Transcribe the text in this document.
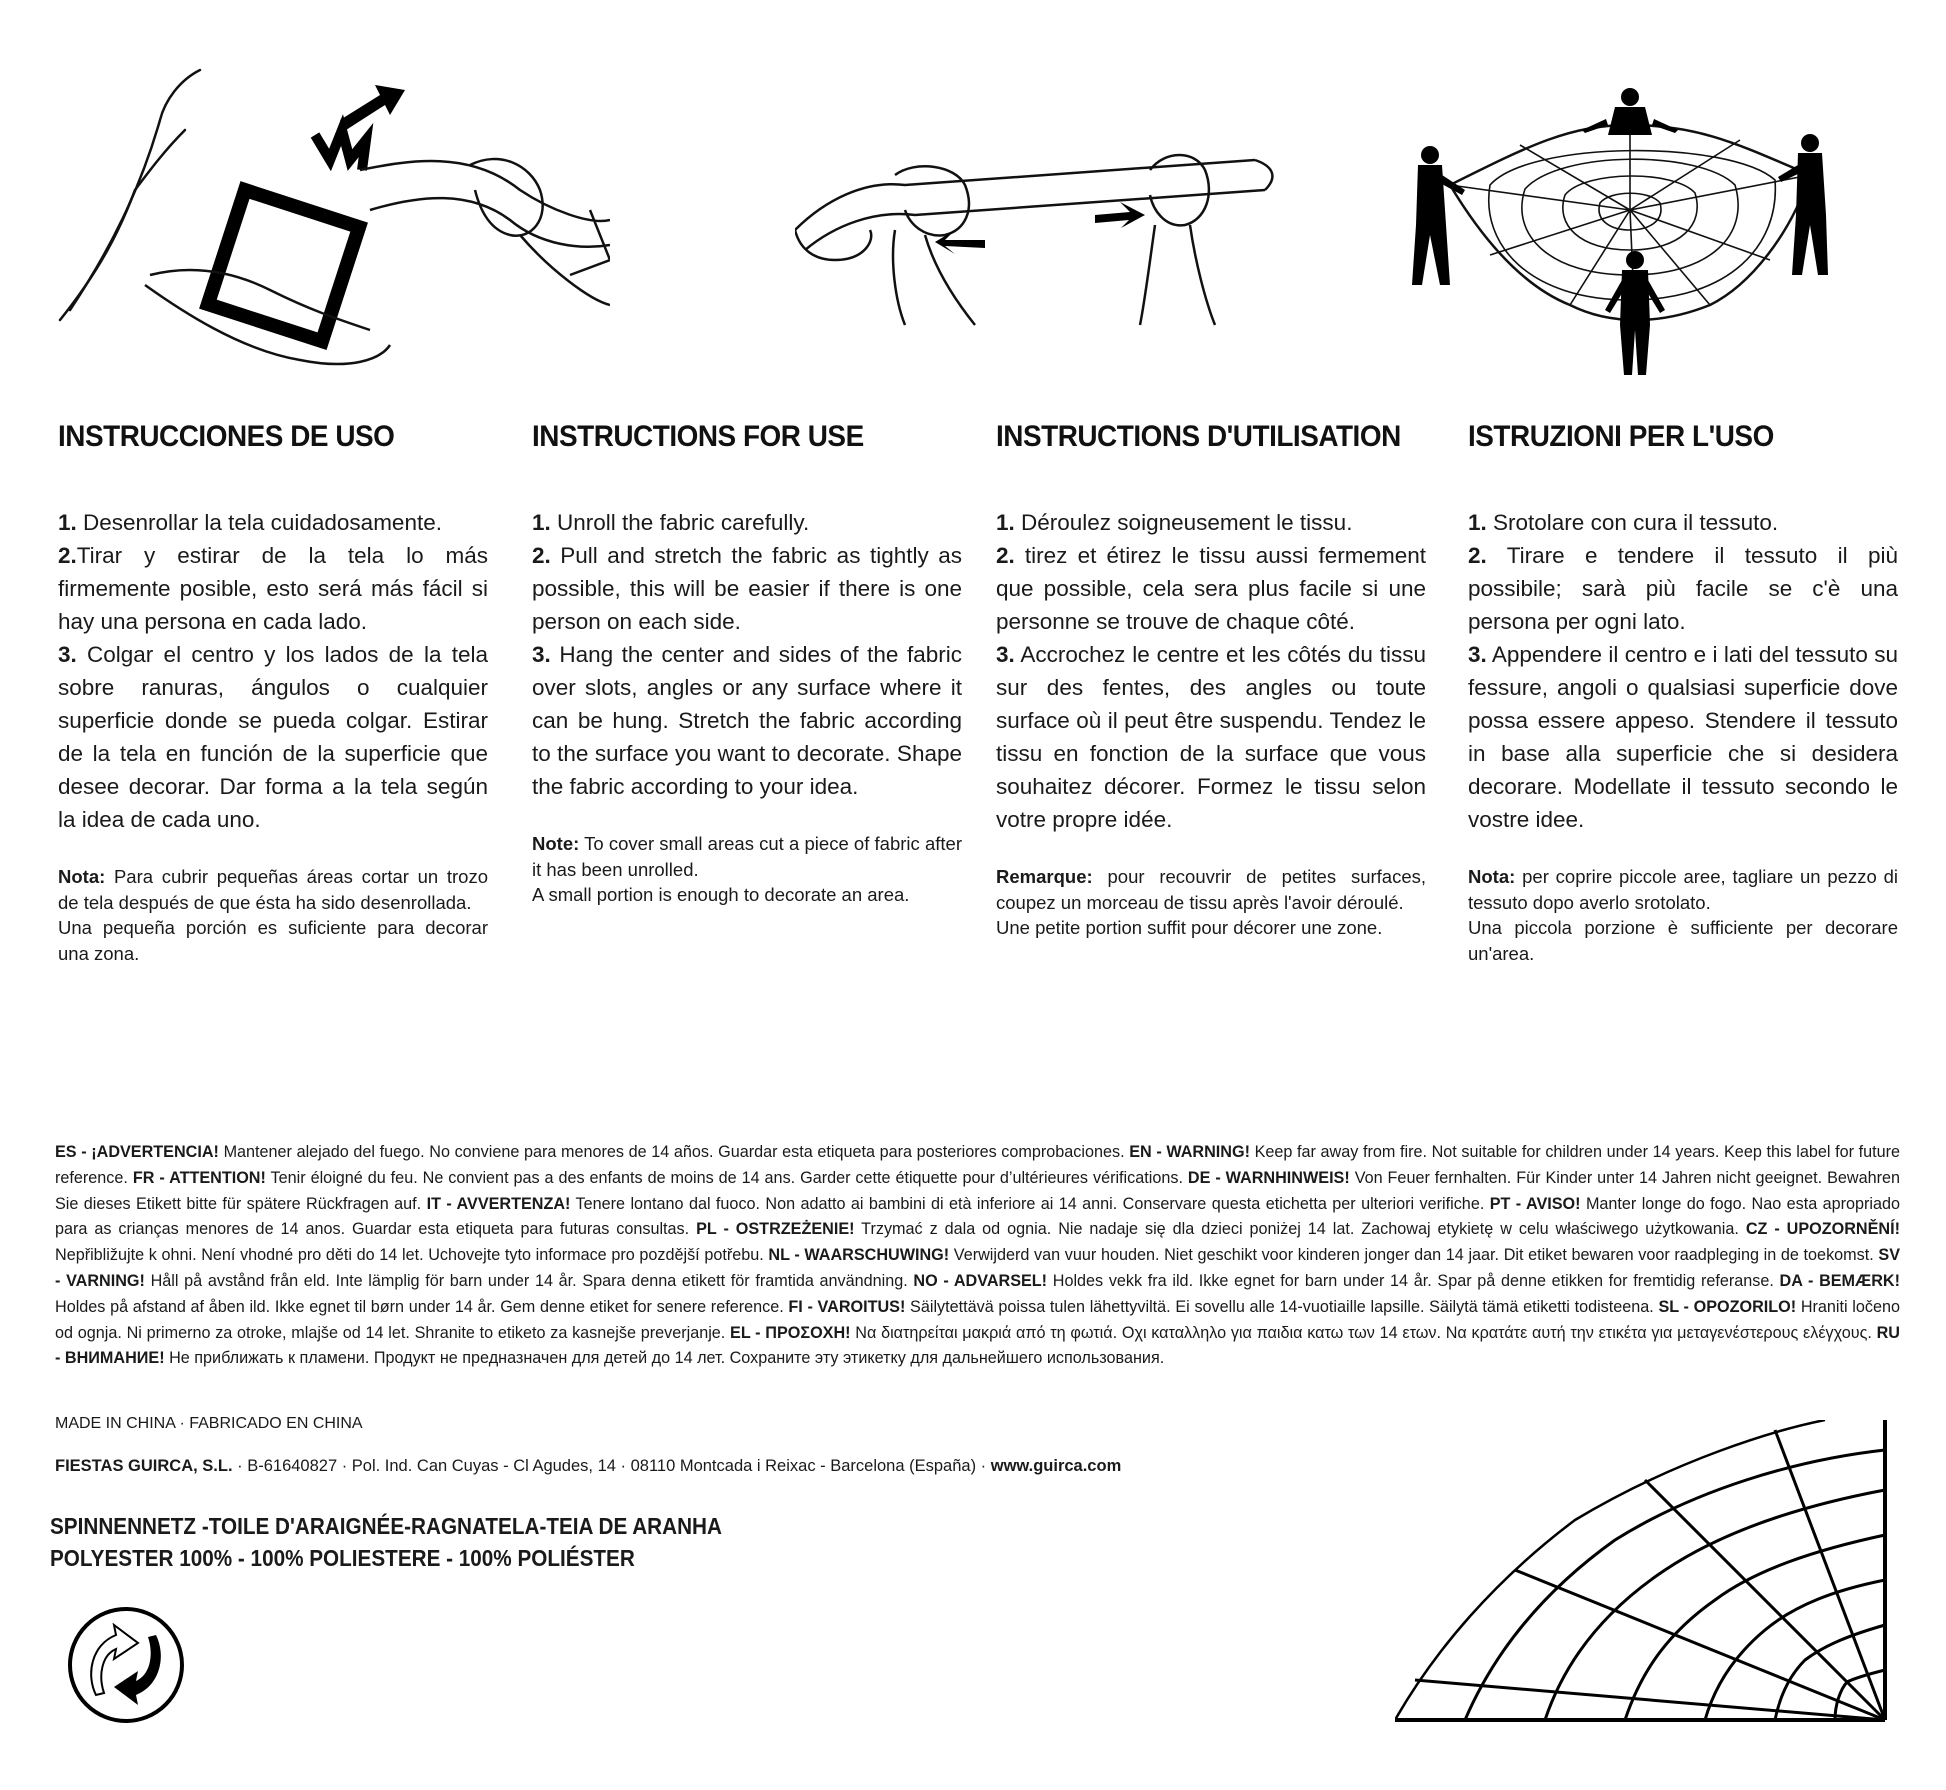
INSTRUCCIONES DE USO

1. Desenrollar la tela cuidadosamente.

2.Tirar y estirar de la tela lo más firmemente posible, esto será más fácil si hay una persona en cada lado.

3. Colgar el centro y los lados de la tela sobre ranuras, ángulos o cualquier superficie donde se pueda colgar. Estirar de la tela en función de la superficie que desee decorar. Dar forma a la tela según la idea de cada uno.

Nota: Para cubrir pequeñas áreas cortar un trozo de tela después de que ésta ha sido desenrollada.
Una pequeña porción es suficiente para decorar una zona.
INSTRUCTIONS FOR USE

1. Unroll the fabric carefully.

2. Pull and stretch the fabric as tightly as possible, this will be easier if there is one person on each side.

3. Hang the center and sides of the fabric over slots, angles or any surface where it can be hung. Stretch the fabric according to the surface you want to decorate. Shape the fabric according to your idea.

Note: To cover small areas cut a piece of fabric after it has been unrolled.
A small portion is enough to decorate an area.
INSTRUCTIONS D'UTILISATION

1. Déroulez soigneusement le tissu.

2. tirez et étirez le tissu aussi fermement que possible, cela sera plus facile si une personne se trouve de chaque côté.

3. Accrochez le centre et les côtés du tissu sur des fentes, des angles ou toute surface où il peut être suspendu. Tendez le tissu en fonction de la surface que vous souhaitez décorer. Formez le tissu selon votre propre idée.

Remarque: pour recouvrir de petites surfaces, coupez un morceau de tissu après l'avoir déroulé.
Une petite portion suffit pour décorer une zone.
ISTRUZIONI PER L'USO

1. Srotolare con cura il tessuto.

2. Tirare e tendere il tessuto il più possibile; sarà più facile se c'è una persona per ogni lato.

3. Appendere il centro e i lati del tessuto su fessure, angoli o qualsiasi superficie dove possa essere appeso. Stendere il tessuto in base alla superficie che si desidera decorare. Modellate il tessuto secondo le vostre idee.

Nota: per coprire piccole aree, tagliare un pezzo di tessuto dopo averlo srotolato.
Una piccola porzione è sufficiente per decorare un'area.
ES - ¡ADVERTENCIA! Mantener alejado del fuego. No conviene para menores de 14 años. Guardar esta etiqueta para posteriores comprobaciones. EN - WARNING! Keep far away from fire. Not suitable for children under 14 years. Keep this label for future reference. FR - ATTENTION! Tenir éloigné du feu. Ne convient pas a des enfants de moins de 14 ans. Garder cette étiquette pour d’ultérieures vérifications. DE - WARNHINWEIS! Von Feuer fernhalten. Für Kinder unter 14 Jahren nicht geeignet. Bewahren Sie dieses Etikett bitte für spätere Rückfragen auf. IT - AVVERTENZA! Tenere lontano dal fuoco. Non adatto ai bambini di età inferiore ai 14 anni. Conservare questa etichetta per ulteriori verifiche. PT - AVISO! Manter longe do fogo. Nao esta apropriado para as crianças menores de 14 anos. Guardar esta etiqueta para futuras consultas. PL - OSTRZEŻENIE! Trzymać z dala od ognia. Nie nadaje się dla dzieci poniżej 14 lat. Zachowaj etykietę w celu właściwego użytkowania. CZ - UPOZORNĚNÍ! Nepřibližujte k ohni. Není vhodné pro děti do 14 let. Uchovejte tyto informace pro pozdější potřebu. NL - WAARSCHUWING! Verwijderd van vuur houden. Niet geschikt voor kinderen jonger dan 14 jaar. Dit etiket bewaren voor raadpleging in de toekomst. SV - VARNING! Håll på avstånd från eld. Inte lämplig för barn under 14 år. Spara denna etikett för framtida användning. NO - ADVARSEL! Holdes vekk fra ild. Ikke egnet for barn under 14 år. Spar på denne etikken for fremtidig referanse. DA - BEMÆRK! Holdes på afstand af åben ild. Ikke egnet til børn under 14 år. Gem denne etiket for senere reference. FI - VAROITUS! Säilytettävä poissa tulen lähettyviltä. Ei sovellu alle 14-vuotiaille lapsille. Säilytä tämä etiketti todisteena. SL - OPOZORILO! Hraniti ločeno od ognja. Ni primerno za otroke, mlajše od 14 let. Shranite to etiketo za kasnejše preverjanje. EL - ΠΡΟΣΟΧΗ! Να διατηρείται μακριά από τη φωτιά. Οχι καταλληλο για παιδια κατω των 14 ετων. Να κρατάτε αυτή την ετικέτα για μεταγενέστερους ελέγχους. RU - ВНИМАНИЕ! Не приближать к пламени. Продукт не предназначен для детей до 14 лет. Сохраните эту этикетку для дальнейшего использования.
MADE IN CHINA · FABRICADO EN CHINA
FIESTAS GUIRCA, S.L. · B-61640827 · Pol. Ind. Can Cuyas - Cl Agudes, 14 · 08110 Montcada i Reixac - Barcelona (España) · www.guirca.com
SPINNENNETZ -TOILE D'ARAIGNÉE-RAGNATELA-TEIA DE ARANHA
POLYESTER 100% - 100% POLIESTERE - 100% POLIÉSTER
